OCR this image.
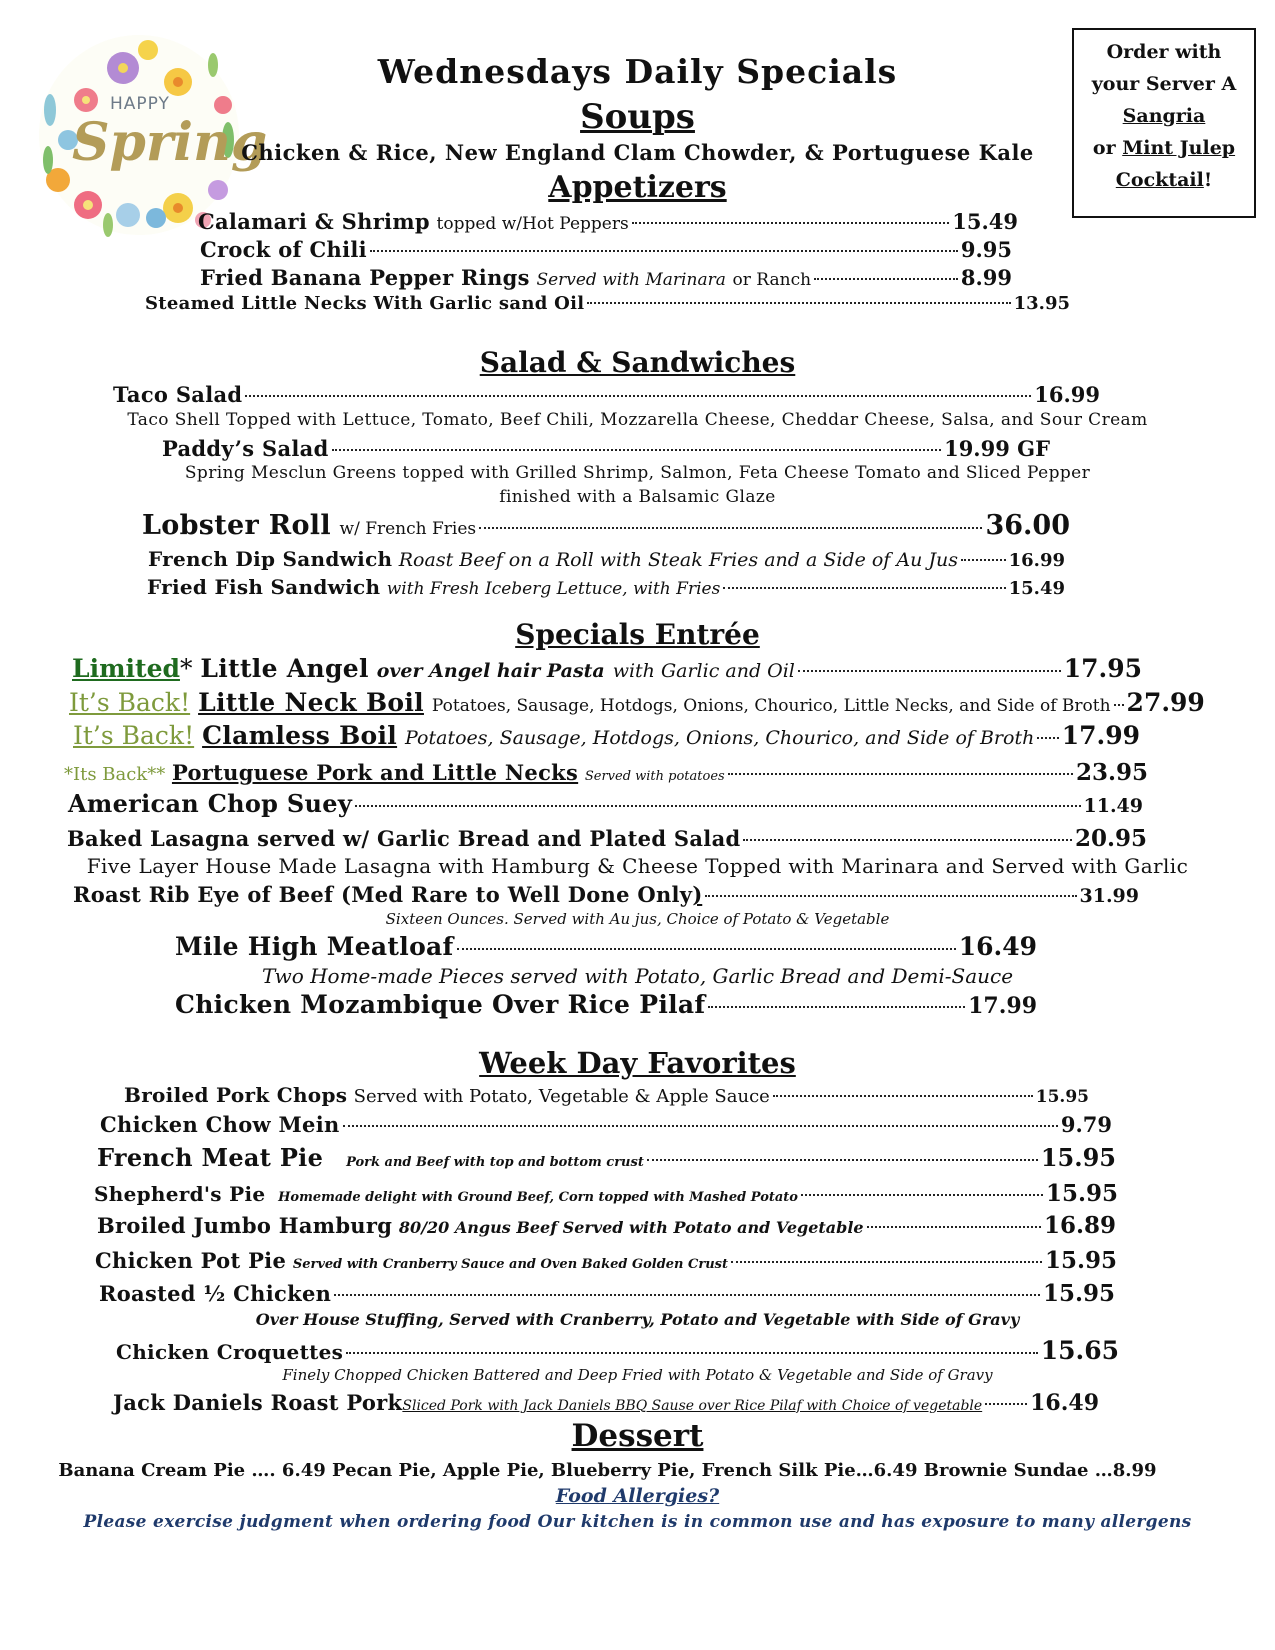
HAPPY
Spring
Order with
your Server A
Sangria
or Mint Julep
Cocktail!
Wednesdays Daily Specials
Soups
Chicken & Rice, New England Clam Chowder, & Portuguese Kale
Appetizers
Calamari & Shrimp
topped w/Hot Peppers	15.49
Crock of Chili	9.95
Fried Banana Pepper Rings
Served with Marinara
or Ranch	8.99
Steamed Little Necks With Garlic sand Oil	13.95
Salad & Sandwiches
Taco Salad	16.99
Taco Shell Topped with Lettuce, Tomato, Beef Chili, Mozzarella Cheese, Cheddar Cheese, Salsa, and Sour Cream
Paddy’s Salad	19.99 GF
Spring Mesclun Greens topped with Grilled Shrimp, Salmon, Feta Cheese Tomato and Sliced Pepper
finished with a Balsamic Glaze
Lobster Roll
w/ French Fries	36.00
French Dip Sandwich
Roast Beef on a Roll with Steak Fries and a Side of Au Jus	16.99
Fried Fish Sandwich
with Fresh Iceberg Lettuce, with Fries	15.49
Specials Entrée
Limited *
Little Angel
over Angel hair Pasta
with Garlic and Oil	17.95
It’s Back!
Little Neck Boil
Potatoes, Sausage, Hotdogs, Onions, Chourico, Little Necks, and Side of Broth 27.99
It’s Back!
Clamless Boil
Potatoes, Sausage, Hotdogs, Onions, Chourico, and Side of Broth 17.99
*Its Back**
Portuguese Pork and Little Necks
Served with potatoes	23.95
American Chop Suey	11.49
Baked Lasagna served w/ Garlic Bread and Plated Salad	20.95
Five Layer House Made Lasagna with Hamburg & Cheese Topped with Marinara and Served with Garlic
Roast Rib Eye of Beef (Med Rare to Well Done Only )	31.99
Sixteen Ounces. Served with Au jus, Choice of Potato & Vegetable
Mile High Meatloaf	16.49
Two Home-made Pieces served with Potato, Garlic Bread and Demi-Sauce
Chicken Mozambique Over Rice Pilaf	17.99
Week Day Favorites
Broiled Pork Chops
Served with Potato, Vegetable & Apple Sauce	15.95
Chicken Chow Mein	9.79
French Meat Pie
Pork and Beef with top and bottom crust	15.95
Shepherd's Pie
Homemade delight with Ground Beef, Corn topped with Mashed Potato	15.95
Broiled Jumbo Hamburg
80/20 Angus Beef Served with Potato and Vegetable	16.89
Chicken Pot Pie
Served with Cranberry Sauce and Oven Baked Golden Crust	15.95
Roasted ½ Chicken	15.95
Over House Stuffing, Served with Cranberry, Potato and Vegetable with Side of Gravy
Chicken Croquettes	15.65
Finely Chopped Chicken Battered and Deep Fried with Potato & Vegetable and Side of Gravy
Jack Daniels Roast Pork Sliced Pork with Jack Daniels BBQ Sause over Rice Pilaf with Choice of vegetable 16.49
Dessert
Banana Cream Pie …. 6.49 Pecan Pie, Apple Pie, Blueberry Pie, French Silk Pie…6.49 Brownie Sundae …8.99
Food Allergies?
Please exercise judgment when ordering food Our kitchen is in common use and has exposure to many allergens
